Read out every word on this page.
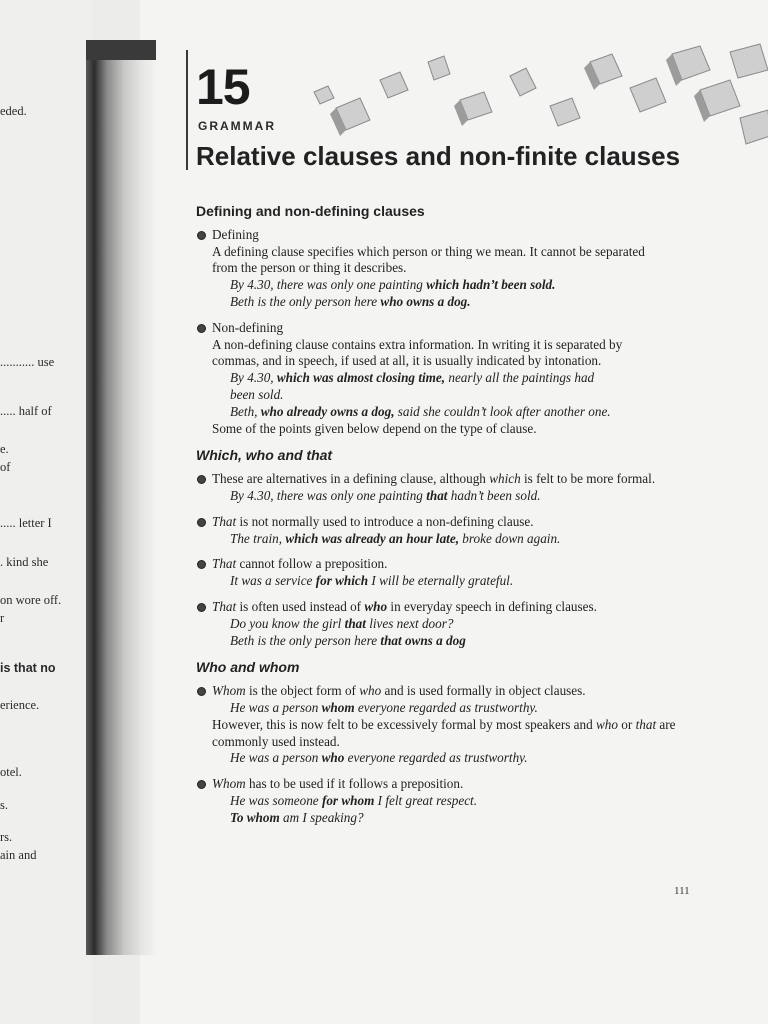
eded.
........... use
..... half of
e.
of
..... letter I
. kind she
on wore off.
r
is that no
erience.
otel.
s.
rs.
ain and
15
GRAMMAR
Relative clauses and non-finite clauses
Defining and non-defining clauses
Defining
A defining clause specifies which person or thing we mean. It cannot be separated
from the person or thing it describes.
By 4.30, there was only one painting which hadn’t been sold.
Beth is the only person here who owns a dog.
Non-defining
A non-defining clause contains extra information. In writing it is separated by
commas, and in speech, if used at all, it is usually indicated by intonation.
By 4.30, which was almost closing time, nearly all the paintings had
been sold.
Beth, who already owns a dog, said she couldn’t look after another one.
Some of the points given below depend on the type of clause.
Which, who and that
These are alternatives in a defining clause, although which is felt to be more formal.
By 4.30, there was only one painting that hadn’t been sold.
That is not normally used to introduce a non-defining clause.
The train, which was already an hour late, broke down again.
That cannot follow a preposition.
It was a service for which I will be eternally grateful.
That is often used instead of who in everyday speech in defining clauses.
Do you know the girl that lives next door?
Beth is the only person here that owns a dog
Who and whom
Whom is the object form of who and is used formally in object clauses.
He was a person whom everyone regarded as trustworthy.
However, this is now felt to be excessively formal by most speakers and who or that are
commonly used instead.
He was a person who everyone regarded as trustworthy.
Whom has to be used if it follows a preposition.
He was someone for whom I felt great respect.
To whom am I speaking?
111
